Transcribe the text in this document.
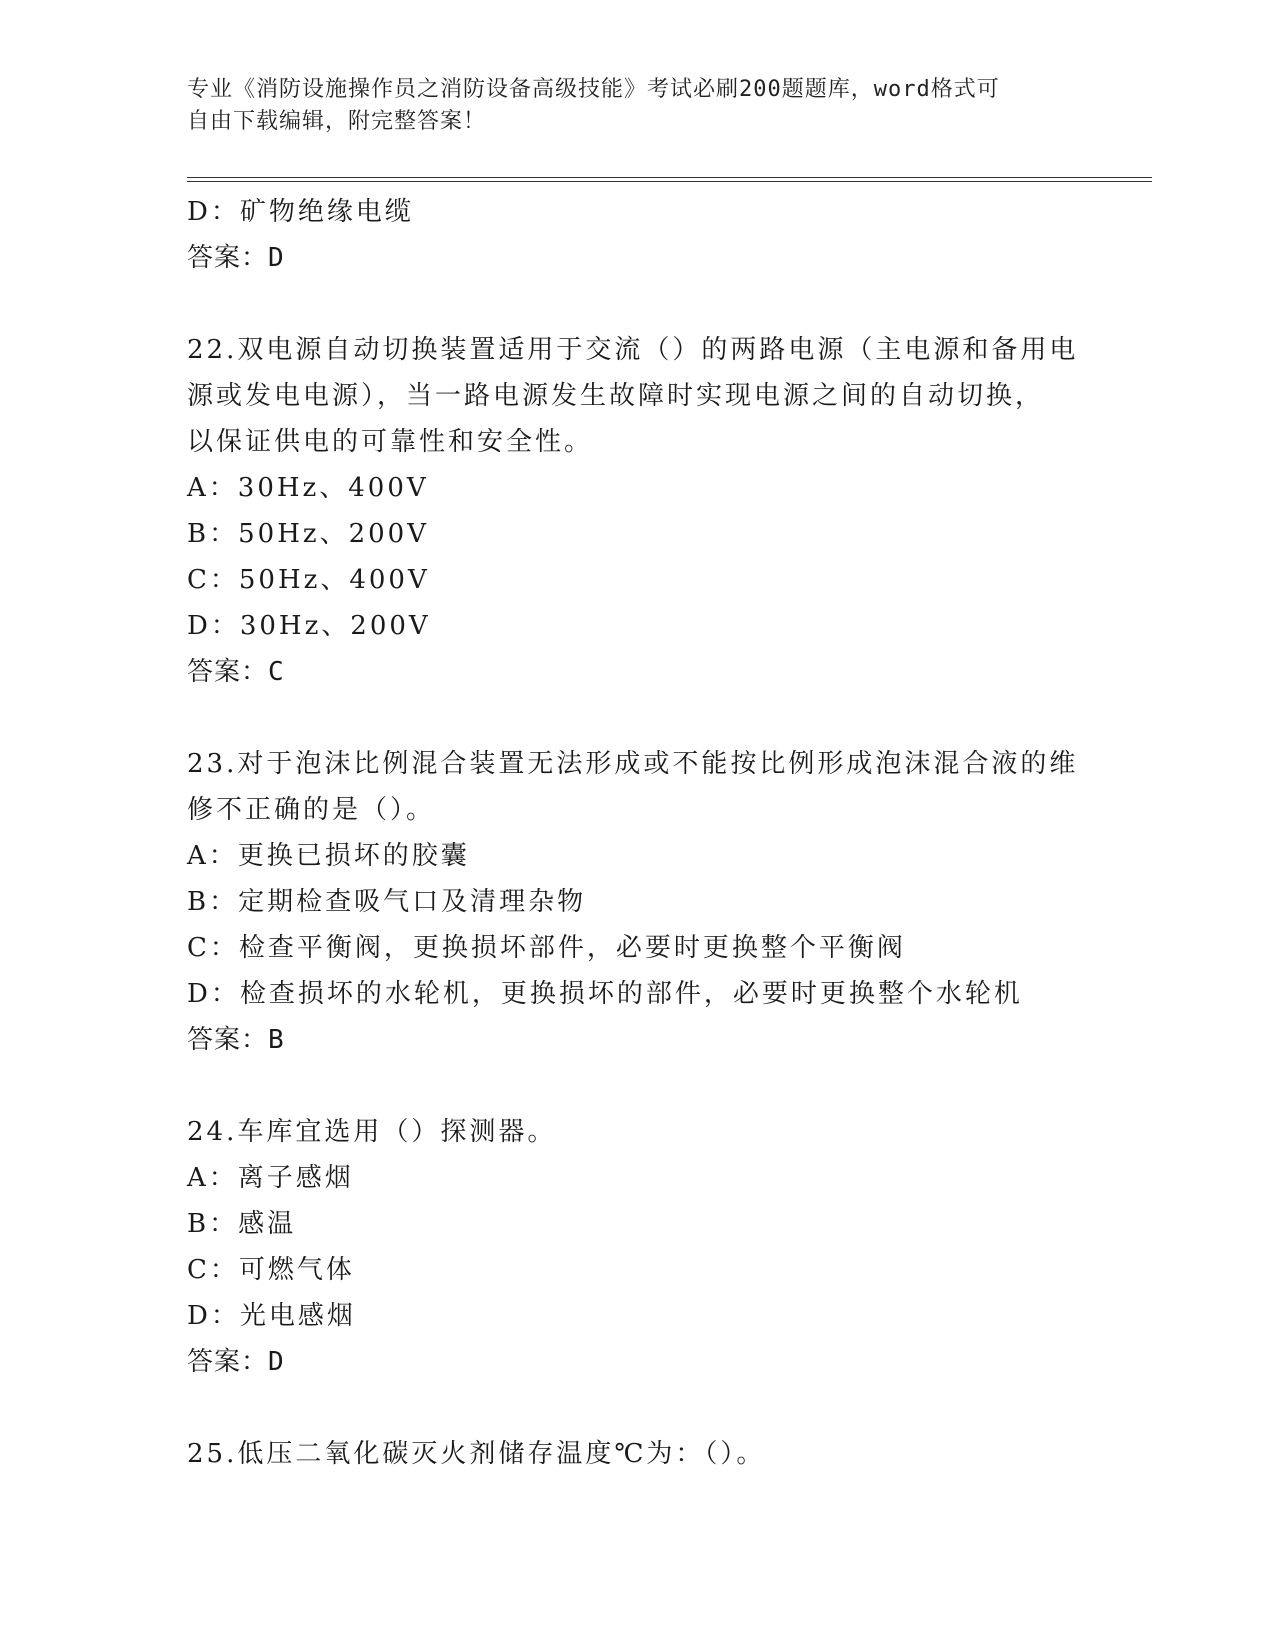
专业《消防设施操作员之消防设备高级技能》考试必刷200题题库，word格式可
自由下载编辑，附完整答案！
D：矿物绝缘电缆
答案：D
22.双电源自动切换装置适用于交流（）的两路电源（主电源和备用电
源或发电电源），当一路电源发生故障时实现电源之间的自动切换，
以保证供电的可靠性和安全性。
A：30Hz、400V
B：50Hz、200V
C：50Hz、400V
D：30Hz、200V
答案：C
23.对于泡沫比例混合装置无法形成或不能按比例形成泡沫混合液的维
修不正确的是（）。
A：更换已损坏的胶囊
B：定期检查吸气口及清理杂物
C：检查平衡阀，更换损坏部件，必要时更换整个平衡阀
D：检查损坏的水轮机，更换损坏的部件，必要时更换整个水轮机
答案：B
24.车库宜选用（）探测器。
A：离子感烟
B：感温
C：可燃气体
D：光电感烟
答案：D
25.低压二氧化碳灭火剂储存温度℃为：（）。
